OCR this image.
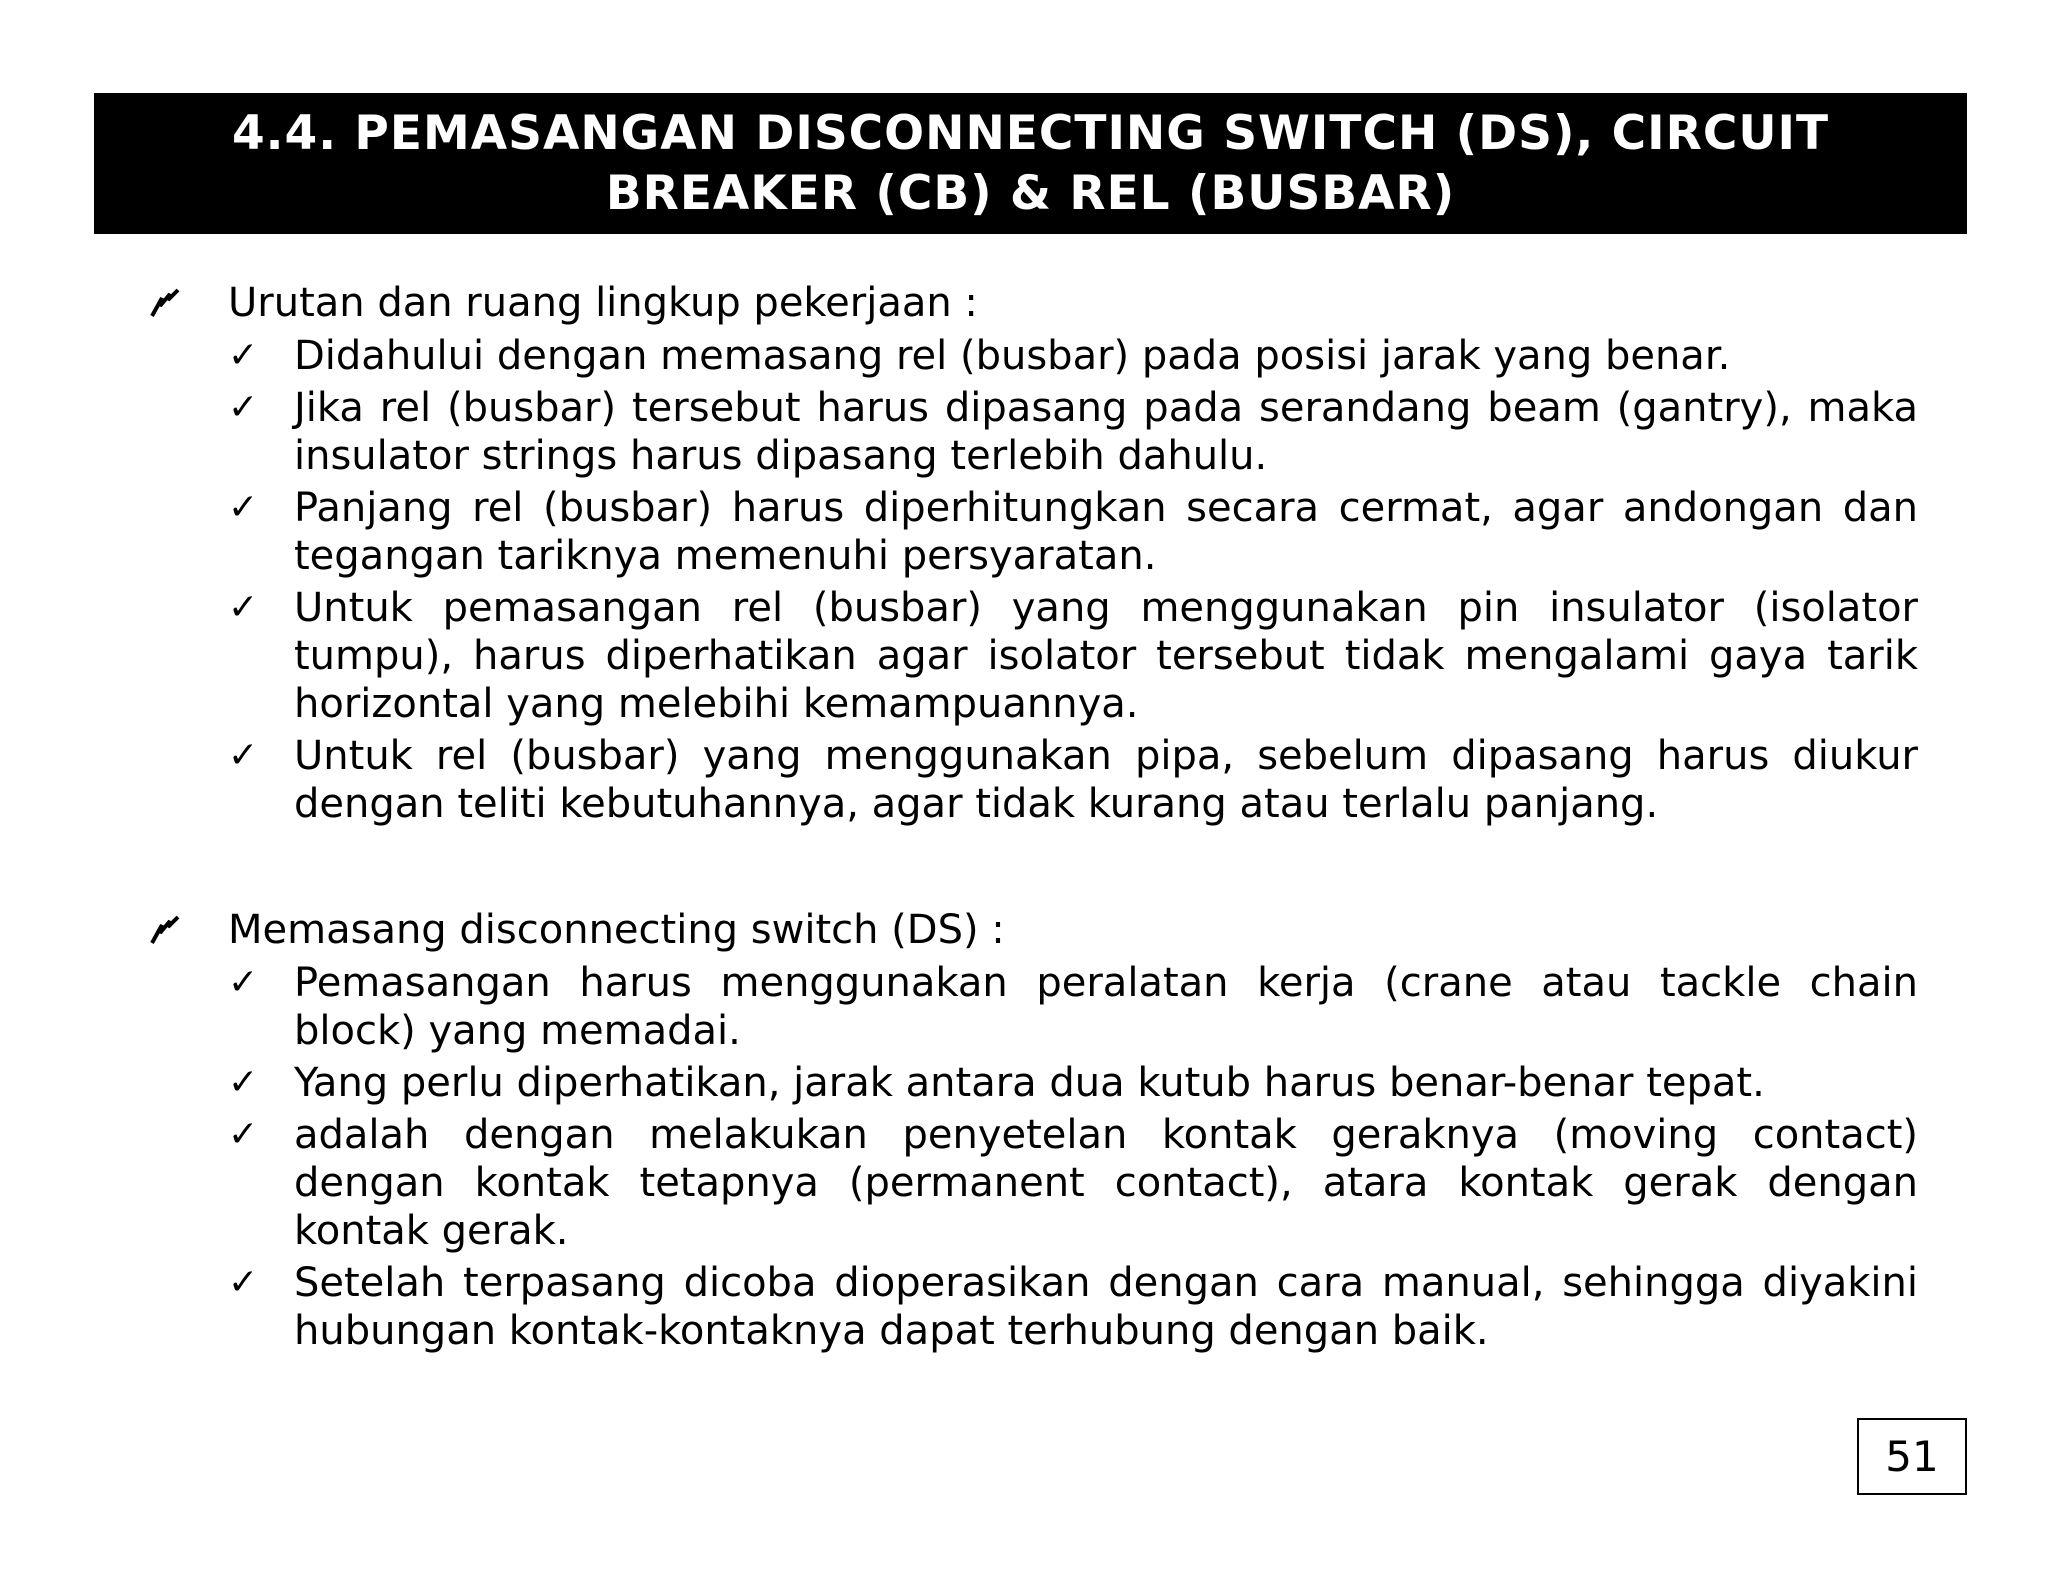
4.4. PEMASANGAN DISCONNECTING SWITCH (DS), CIRCUIT
BREAKER (CB) & REL (BUSBAR)
Urutan dan ruang lingkup pekerjaan :
✓ Didahului dengan memasang rel (busbar) pada posisi jarak yang benar.
✓ Jika rel (busbar) tersebut harus dipasang pada serandang beam (gantry), maka insulator strings harus dipasang terlebih dahulu.
✓ Panjang rel (busbar) harus diperhitungkan secara cermat, agar andongan dan tegangan tariknya memenuhi persyaratan.
✓ Untuk pemasangan rel (busbar) yang menggunakan pin insulator (isolator tumpu), harus diperhatikan agar isolator tersebut tidak mengalami gaya tarik horizontal yang melebihi kemampuannya.
✓ Untuk rel (busbar) yang menggunakan pipa, sebelum dipasang harus diukur dengan teliti kebutuhannya, agar tidak kurang atau terlalu panjang.
Memasang disconnecting switch (DS) :
✓ Pemasangan harus menggunakan peralatan kerja (crane atau tackle chain block) yang memadai.
✓ Yang perlu diperhatikan, jarak antara dua kutub harus benar-benar tepat.
✓ adalah dengan melakukan penyetelan kontak geraknya (moving contact) dengan kontak tetapnya (permanent contact), atara kontak gerak dengan kontak gerak.
✓ Setelah terpasang dicoba dioperasikan dengan cara manual, sehingga diyakini hubungan kontak-kontaknya dapat terhubung dengan baik.
51
